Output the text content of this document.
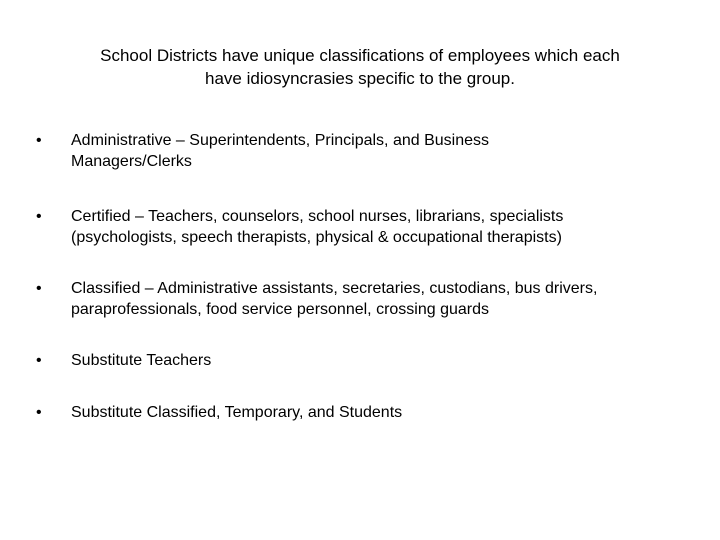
School Districts have unique classifications of employees which each
have idiosyncrasies specific to the group.
• Administrative – Superintendents, Principals, and Business
Managers/Clerks
• Certified – Teachers, counselors, school nurses, librarians, specialists
(psychologists, speech therapists, physical & occupational therapists)
• Classified – Administrative assistants, secretaries, custodians, bus drivers,
paraprofessionals, food service personnel, crossing guards
• Substitute Teachers
• Substitute Classified, Temporary, and Students
